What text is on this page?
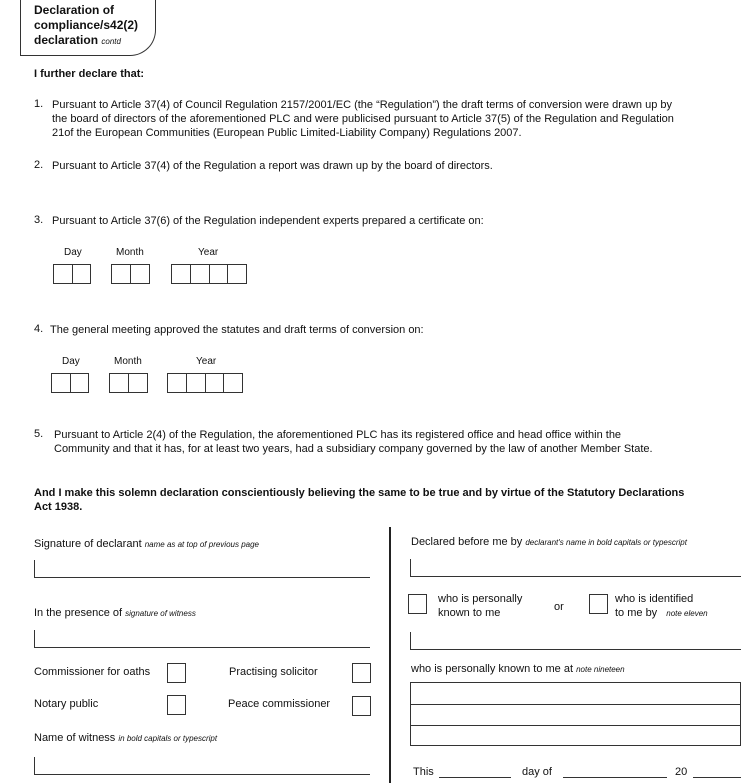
Declaration of
compliance/s42(2)
declaration contd
I further declare that:
1. Pursuant to Article 37(4) of Council Regulation 2157/2001/EC (the “Regulation”) the draft terms of conversion were drawn up by
the board of directors of the aforementioned PLC and were publicised pursuant to Article 37(5) of the Regulation and Regulation
21of the European Communities (European Public Limited-Liability Company) Regulations 2007.
2. Pursuant to Article 37(4) of the Regulation a report was drawn up by the board of directors.
3. Pursuant to Article 37(6) of the Regulation independent experts prepared a certificate on:
Day	Month	Year
4. The general meeting approved the statutes and draft terms of conversion on:
Day	Month	Year
5. Pursuant to Article 2(4) of the Regulation, the aforementioned PLC has its registered office and head office within the
Community and that it has, for at least two years, had a subsidiary company governed by the law of another Member State.
And I make this solemn declaration conscientiously believing the same to be true and by virtue of the Statutory Declarations
Act 1938.
Signature of declarant name as at top of previous page
In the presence of signature of witness
Commissioner for oaths	Practising solicitor
Notary public	Peace commissioner
Name of witness in bold capitals or typescript
Declared before me by declarant's name in bold capitals or typescript
who is personally
known to me	or
who is identified
to me by note eleven
who is personally known to me at note nineteen
This	day of	20
